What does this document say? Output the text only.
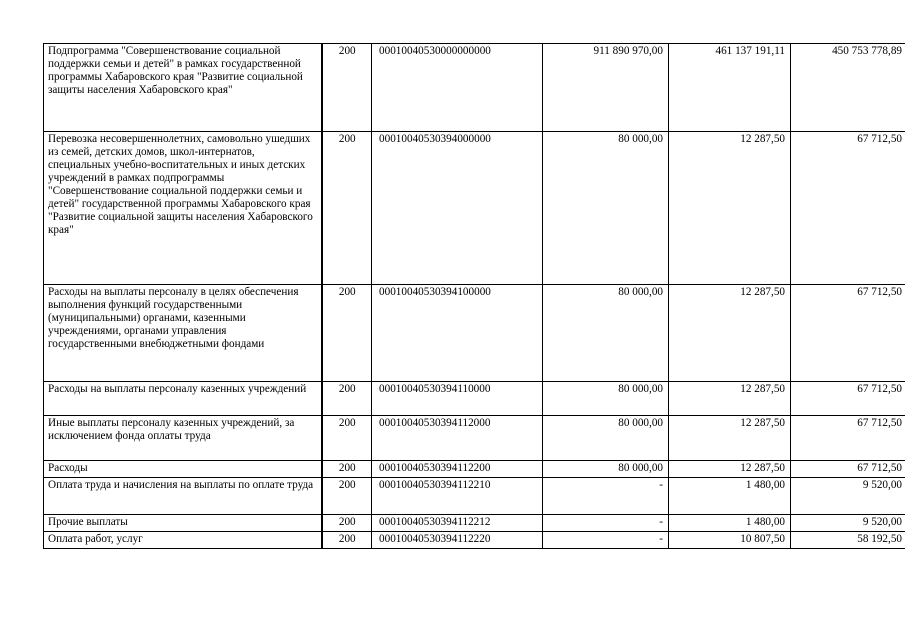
Подпрограмма "Совершенствование социальной поддержки семьи и детей" в рамках государственной программы Хабаровского края "Развитие социальной защиты населения Хабаровского края"	200	00010040530000000000	911 890 970,00	461 137 191,11	450 753 778,89
Перевозка несовершеннолетних, самовольно ушедших из семей, детских домов, школ-интернатов, специальных учебно-воспитательных и иных детских учреждений в рамках подпрограммы "Совершенствование социальной поддержки семьи и детей" государственной программы Хабаровского края "Развитие социальной защиты населения Хабаровского края"	200	00010040530394000000	80 000,00	12 287,50	67 712,50
Расходы на выплаты персоналу в целях обеспечения выполнения функций государственными (муниципальными) органами, казенными учреждениями, органами управления государственными внебюджетными фондами	200	00010040530394100000	80 000,00	12 287,50	67 712,50
Расходы на выплаты персоналу казенных учреждений	200	00010040530394110000	80 000,00	12 287,50	67 712,50
Иные выплаты персоналу казенных учреждений, за исключением фонда оплаты труда	200	00010040530394112000	80 000,00	12 287,50	67 712,50
Расходы	200	00010040530394112200	80 000,00	12 287,50	67 712,50
Оплата труда и начисления на выплаты по оплате труда	200	00010040530394112210	-	1 480,00	9 520,00
Прочие выплаты	200	00010040530394112212	-	1 480,00	9 520,00
Оплата работ, услуг	200	00010040530394112220	-	10 807,50	58 192,50
